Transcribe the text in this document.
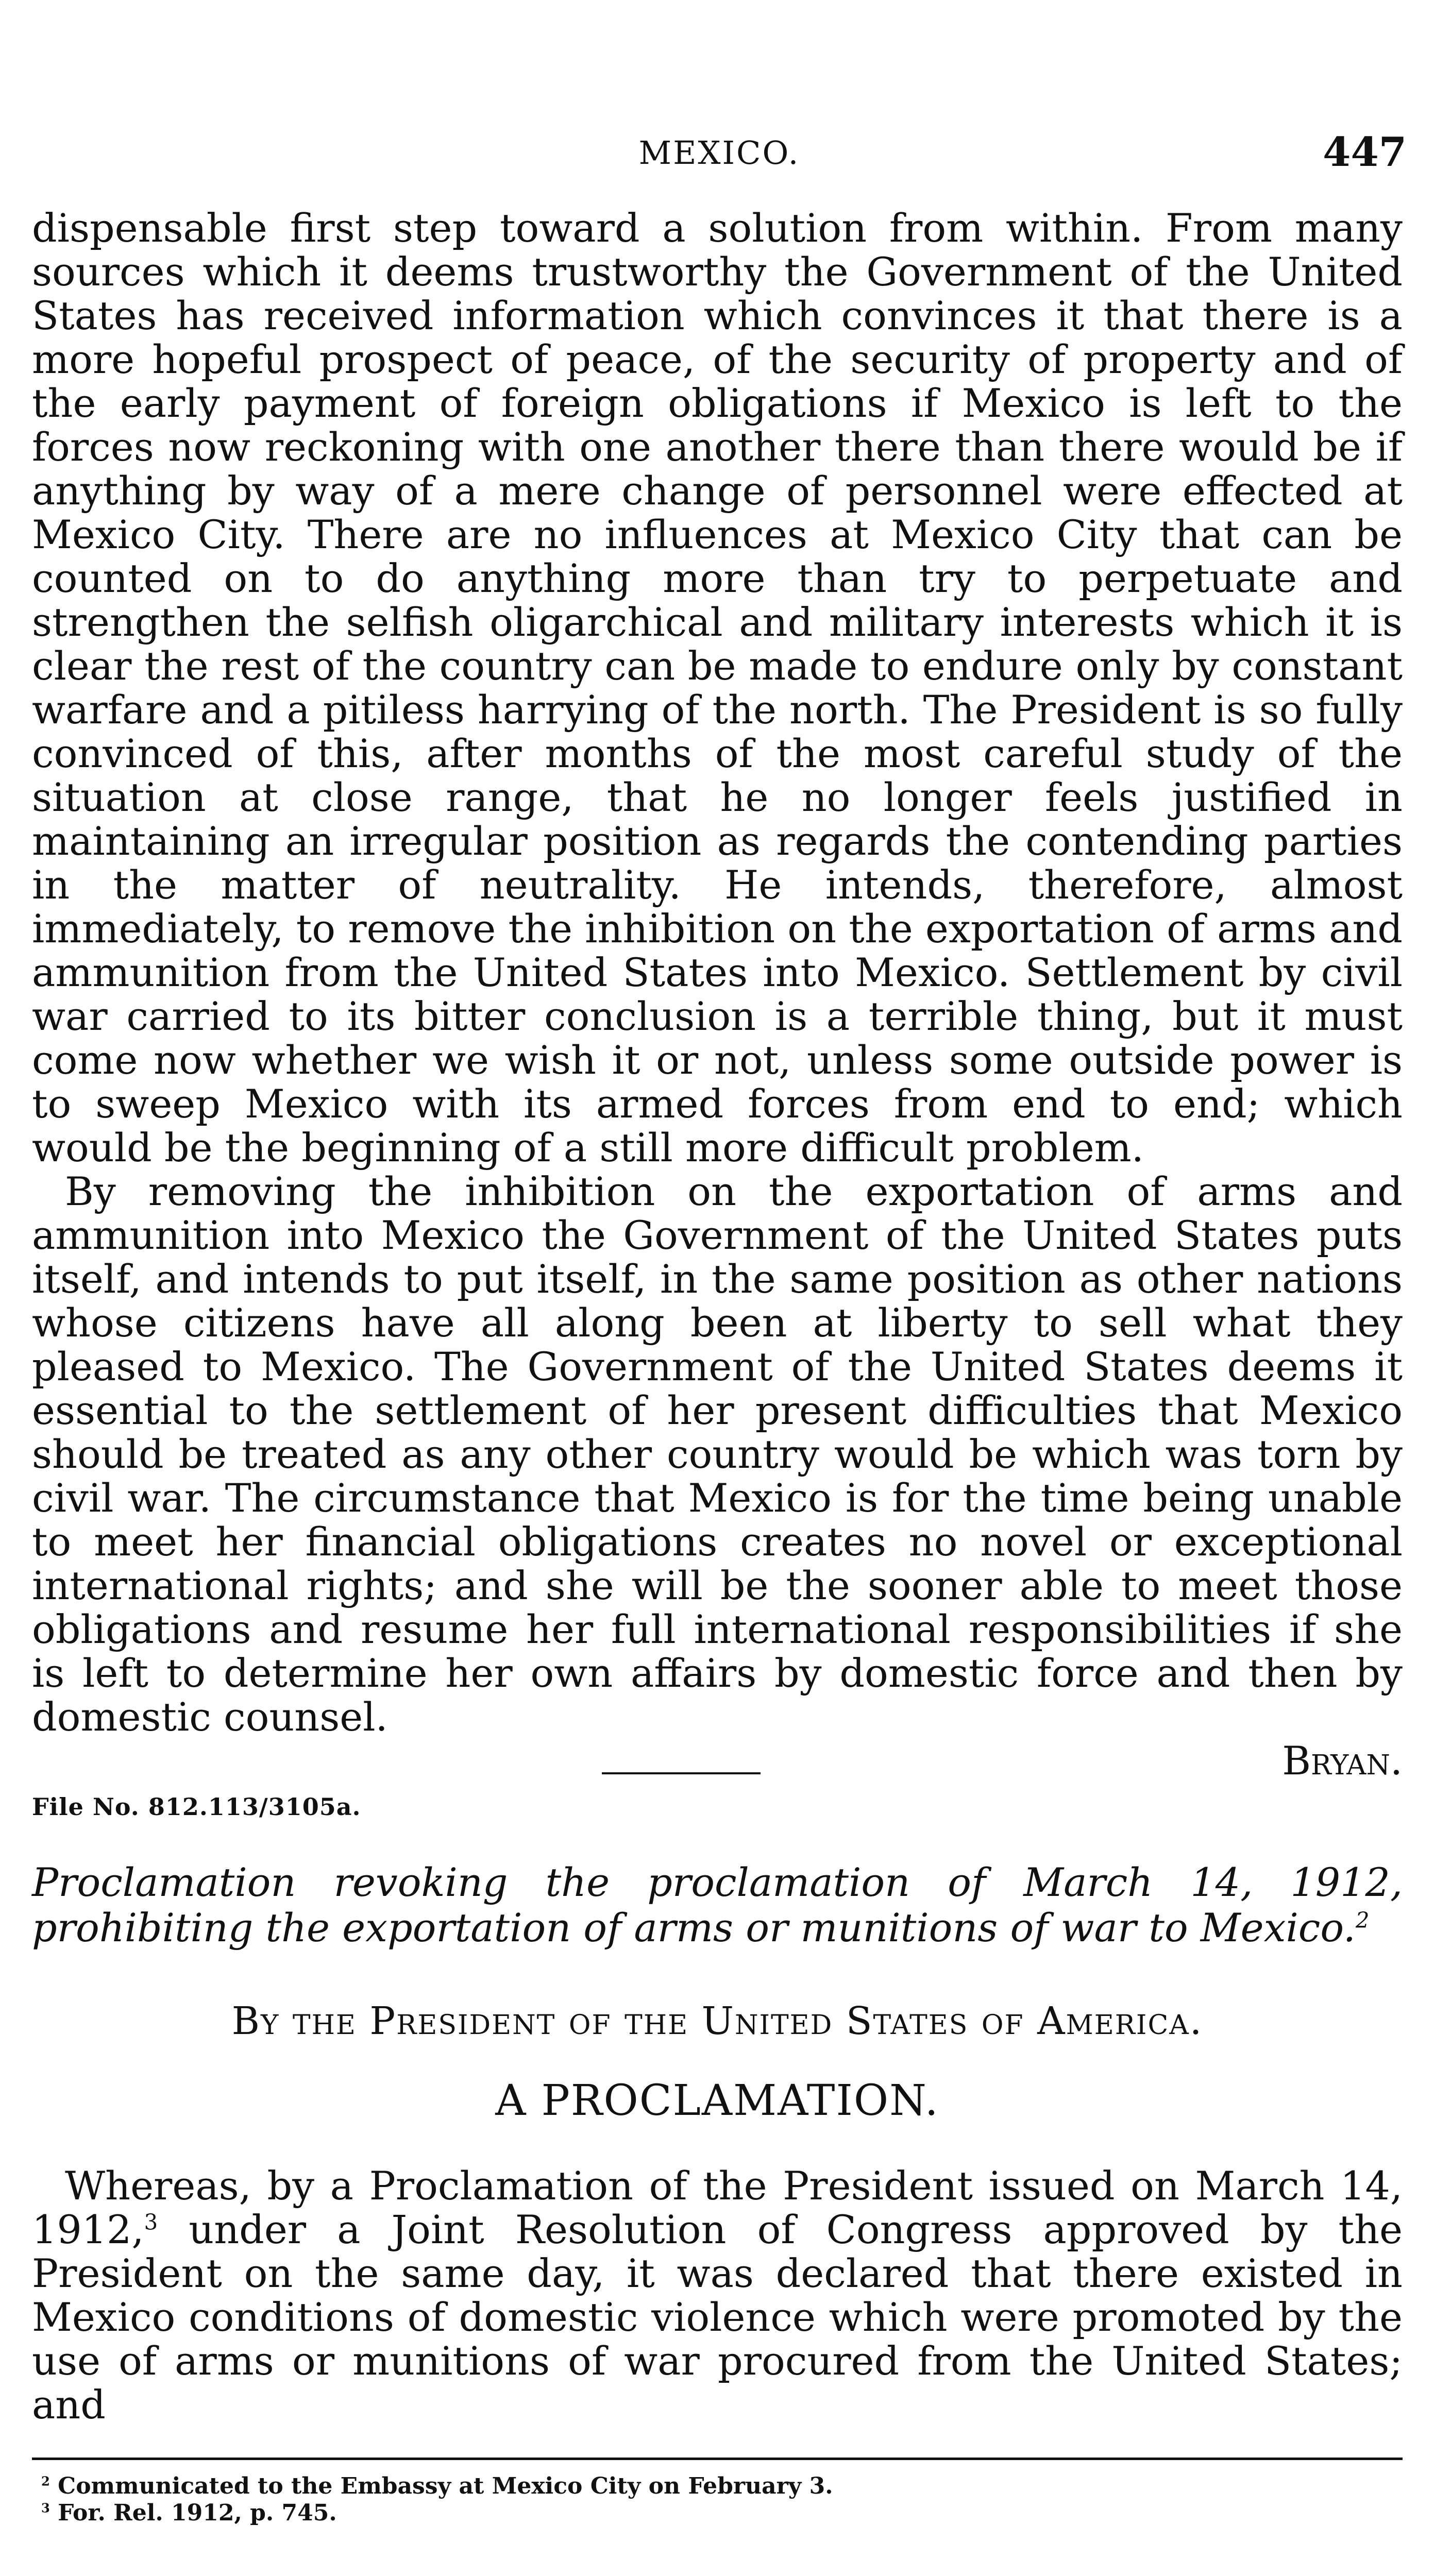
MEXICO.	447

dispensable first step toward a solution from within. From many sources which it deems trustworthy the Government of the United States has received information which convinces it that there is a more hopeful prospect of peace, of the security of property and of the early payment of foreign obligations if Mexico is left to the forces now reckoning with one another there than there would be if anything by way of a mere change of personnel were effected at Mexico City. There are no influences at Mexico City that can be counted on to do anything more than try to perpetuate and strengthen the selfish oligarchical and military interests which it is clear the rest of the country can be made to endure only by constant warfare and a pitiless harrying of the north. The President is so fully convinced of this, after months of the most careful study of the situation at close range, that he no longer feels justified in maintaining an irregular position as regards the contending parties in the matter of neutrality. He intends, therefore, almost immediately, to remove the inhibition on the exportation of arms and ammunition from the United States into Mexico. Settlement by civil war carried to its bitter conclusion is a terrible thing, but it must come now whether we wish it or not, unless some outside power is to sweep Mexico with its armed forces from end to end; which would be the beginning of a still more difficult problem.

By removing the inhibition on the exportation of arms and ammunition into Mexico the Government of the United States puts itself, and intends to put itself, in the same position as other nations whose citizens have all along been at liberty to sell what they pleased to Mexico. The Government of the United States deems it essential to the settlement of her present difficulties that Mexico should be treated as any other country would be which was torn by civil war. The circumstance that Mexico is for the time being unable to meet her financial obligations creates no novel or exceptional international rights; and she will be the sooner able to meet those obligations and resume her full international responsibilities if she is left to determine her own affairs by domestic force and then by domestic counsel.

Bryan.

File No. 812.113/3105a.
Proclamation revoking the proclamation of March 14, 1912, prohibiting the exportation of arms or munitions of war to Mexico.$^2$
By the President of the United States of America.
A PROCLAMATION.
Whereas, by a Proclamation of the President issued on March 14, 1912,$^3$ under a Joint Resolution of Congress approved by the President on the same day, it was declared that there existed in Mexico conditions of domestic violence which were promoted by the use of arms or munitions of war procured from the United States; and
$^2$ Communicated to the Embassy at Mexico City on February 3.
$^3$ For. Rel. 1912, p. 745.
